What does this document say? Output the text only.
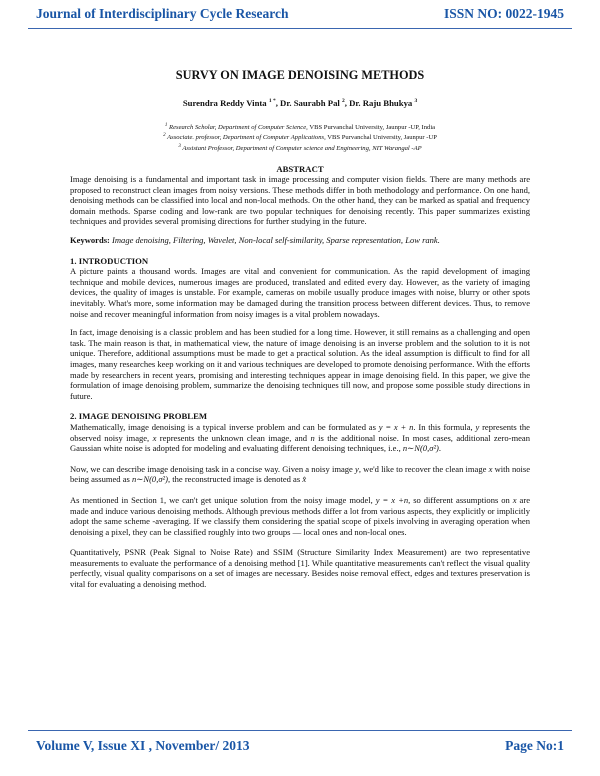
Journal of Interdisciplinary Cycle Research	ISSN NO: 0022-1945
SURVY ON IMAGE DENOISING METHODS
Surendra Reddy Vinta $^{1 *}$, Dr. Saurabh Pal $^2$, Dr. Raju Bhukya $^3$
$^1$ Research Scholar, Department of Computer Science, VBS Purvanchal University, Jaunpur -UP, India
$^2$ Associate. professor, Department of Computer Applications, VBS Purvanchal University, Jaunpur -UP
$^3$ Assistant Professor, Department of Computer science and Engineering, NIT Warangal -AP
ABSTRACT

Image denoising is a fundamental and important task in image processing and computer vision fields. There are many methods are proposed to reconstruct clean images from noisy versions. These methods differ in both methodology and performance. On one hand, denoising methods can be classified into local and non-local methods. On the other hand, they can be marked as spatial and frequency domain methods. Sparse coding and low-rank are two popular techniques for denoising recently. This paper summarizes existing techniques and provides several promising directions for further studying in the future.

Keywords: Image denoising, Filtering, Wavelet, Non-local self-similarity, Sparse representation, Low rank.

1. INTRODUCTION

A picture paints a thousand words. Images are vital and convenient for communication. As the rapid development of imaging technique and mobile devices, numerous images are produced, translated and edited every day. However, as the variety of imaging devices, the quality of images is unstable. For example, cameras on mobile usually produce images with noise, blurry or other spots inevitably. What's more, some information may be damaged during the transition process between different devices. Thus, to remove noise and recover meaningful information from noisy images is a vital problem nowadays.

In fact, image denoising is a classic problem and has been studied for a long time. However, it still remains as a challenging and open task. The main reason is that, in mathematical view, the nature of image denoising is an inverse problem and the solution to it is not unique. Therefore, additional assumptions must be made to get a practical solution. As the ideal assumption is difficult to find for all images, many researches keep working on it and various techniques are developed to promote denoising performance. With the efforts made by researchers in recent years, promising and interesting techniques appear in image denoising field. In this paper, we give the formulation of image denoising problem, summarize the denoising techniques till now, and propose some possible study directions in future.

2. IMAGE DENOISING PROBLEM

Mathematically, image denoising is a typical inverse problem and can be formulated as y = x + n. In this formula, y represents the observed noisy image, x represents the unknown clean image, and n is the additional noise. In most cases, additional zero-mean Gaussian white noise is adopted for modeling and evaluating different denoising techniques, i.e., n∼N(0,σ²).

Now, we can describe image denoising task in a concise way. Given a noisy image y, we'd like to recover the clean image x with noise being assumed as n∼N(0,σ²), the reconstructed image is denoted as x̂

As mentioned in Section 1, we can't get unique solution from the noisy image model, y = x +n, so different assumptions on x are made and induce various denoising methods. Although previous methods differ a lot from various aspects, they explicitly or implicitly adopt the same scheme -averaging. If we classify them considering the spatial scope of pixels involving in averaging operation when denoising a pixel, they can be classified roughly into two groups — local ones and non-local ones.

Quantitatively, PSNR (Peak Signal to Noise Rate) and SSIM (Structure Similarity Index Measurement) are two representative measurements to evaluate the performance of a denoising method [1]. While quantitative measurements can't reflect the visual quality perfectly, visual quality comparisons on a set of images are necessary. Besides noise removal effect, edges and textures preservation is vital for evaluating a denoising method.

Volume V, Issue XI , November/ 2013	Page No:1
